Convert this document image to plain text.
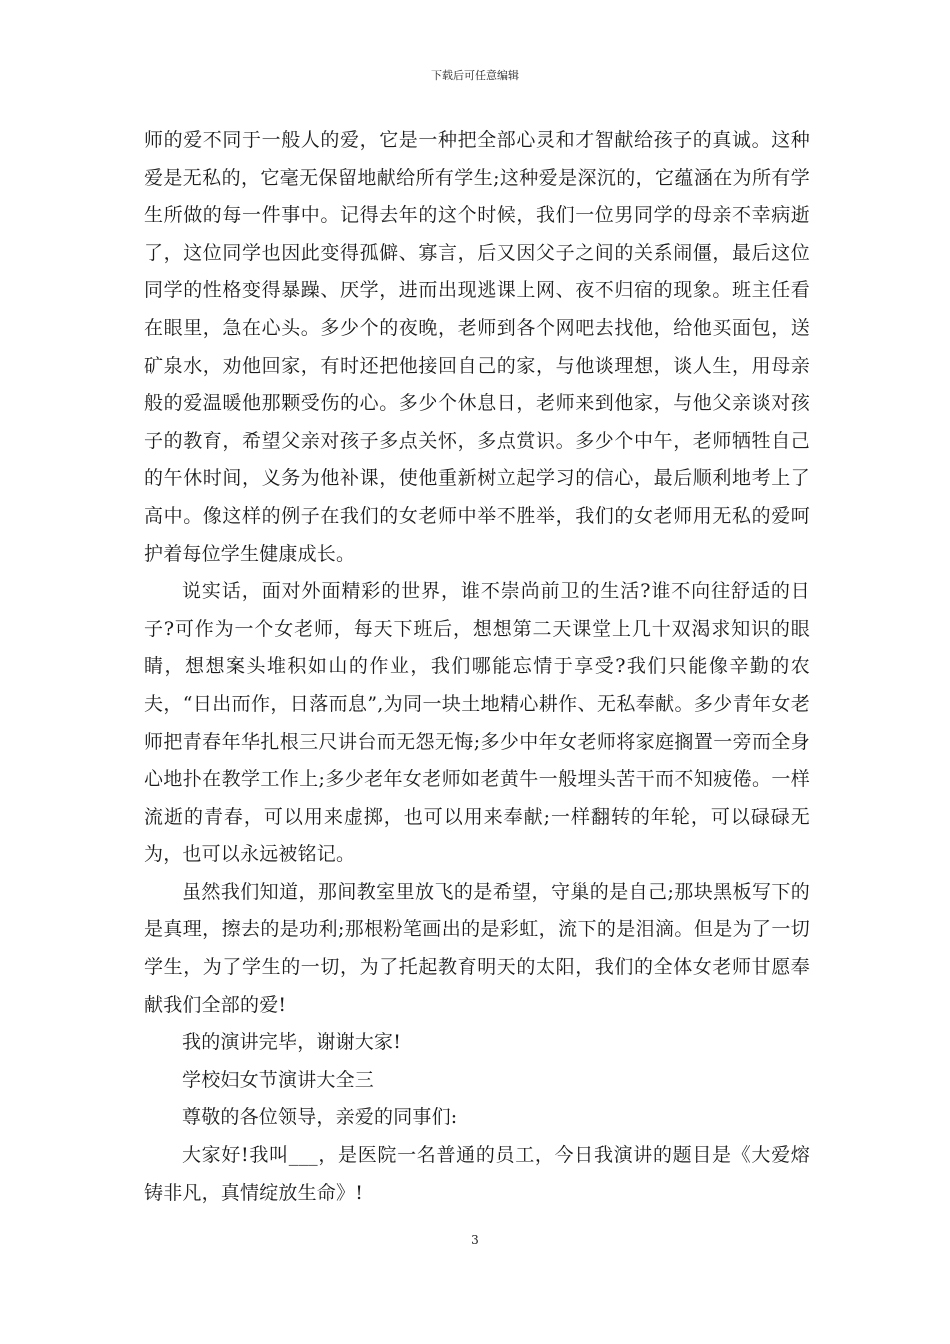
下载后可任意编辑

师的爱不同于一般人的爱，它是一种把全部心灵和才智献给孩子的真诚。这种爱是无私的，它毫无保留地献给所有学生;这种爱是深沉的，它蕴涵在为所有学生所做的每一件事中。记得去年的这个时候，我们一位男同学的母亲不幸病逝了，这位同学也因此变得孤僻、寡言，后又因父子之间的关系闹僵，最后这位同学的性格变得暴躁、厌学，进而出现逃课上网、夜不归宿的现象。班主任看在眼里，急在心头。多少个的夜晚，老师到各个网吧去找他，给他买面包，送矿泉水，劝他回家，有时还把他接回自己的家，与他谈理想，谈人生，用母亲般的爱温暖他那颗受伤的心。多少个休息日，老师来到他家，与他父亲谈对孩子的教育，希望父亲对孩子多点关怀，多点赏识。多少个中午，老师牺牲自己的午休时间，义务为他补课，使他重新树立起学习的信心，最后顺利地考上了高中。像这样的例子在我们的女老师中举不胜举，我们的女老师用无私的爱呵护着每位学生健康成长。

说实话，面对外面精彩的世界，谁不崇尚前卫的生活?谁不向往舒适的日子?可作为一个女老师，每天下班后，想想第二天课堂上几十双渴求知识的眼睛，想想案头堆积如山的作业，我们哪能忘情于享受?我们只能像辛勤的农夫，“日出而作，日落而息”,为同一块土地精心耕作、无私奉献。多少青年女老师把青春年华扎根三尺讲台而无怨无悔;多少中年女老师将家庭搁置一旁而全身心地扑在教学工作上;多少老年女老师如老黄牛一般埋头苦干而不知疲倦。一样流逝的青春，可以用来虚掷，也可以用来奉献;一样翻转的年轮，可以碌碌无为，也可以永远被铭记。

虽然我们知道，那间教室里放飞的是希望，守巢的是自己;那块黑板写下的是真理，擦去的是功利;那根粉笔画出的是彩虹，流下的是泪滴。但是为了一切学生，为了学生的一切，为了托起教育明天的太阳，我们的全体女老师甘愿奉献我们全部的爱!

我的演讲完毕，谢谢大家!

学校妇女节演讲大全三

尊敬的各位领导，亲爱的同事们:

大家好!我叫___，是医院一名普通的员工，今日我演讲的题目是《大爱熔铸非凡，真情绽放生命》!

3
